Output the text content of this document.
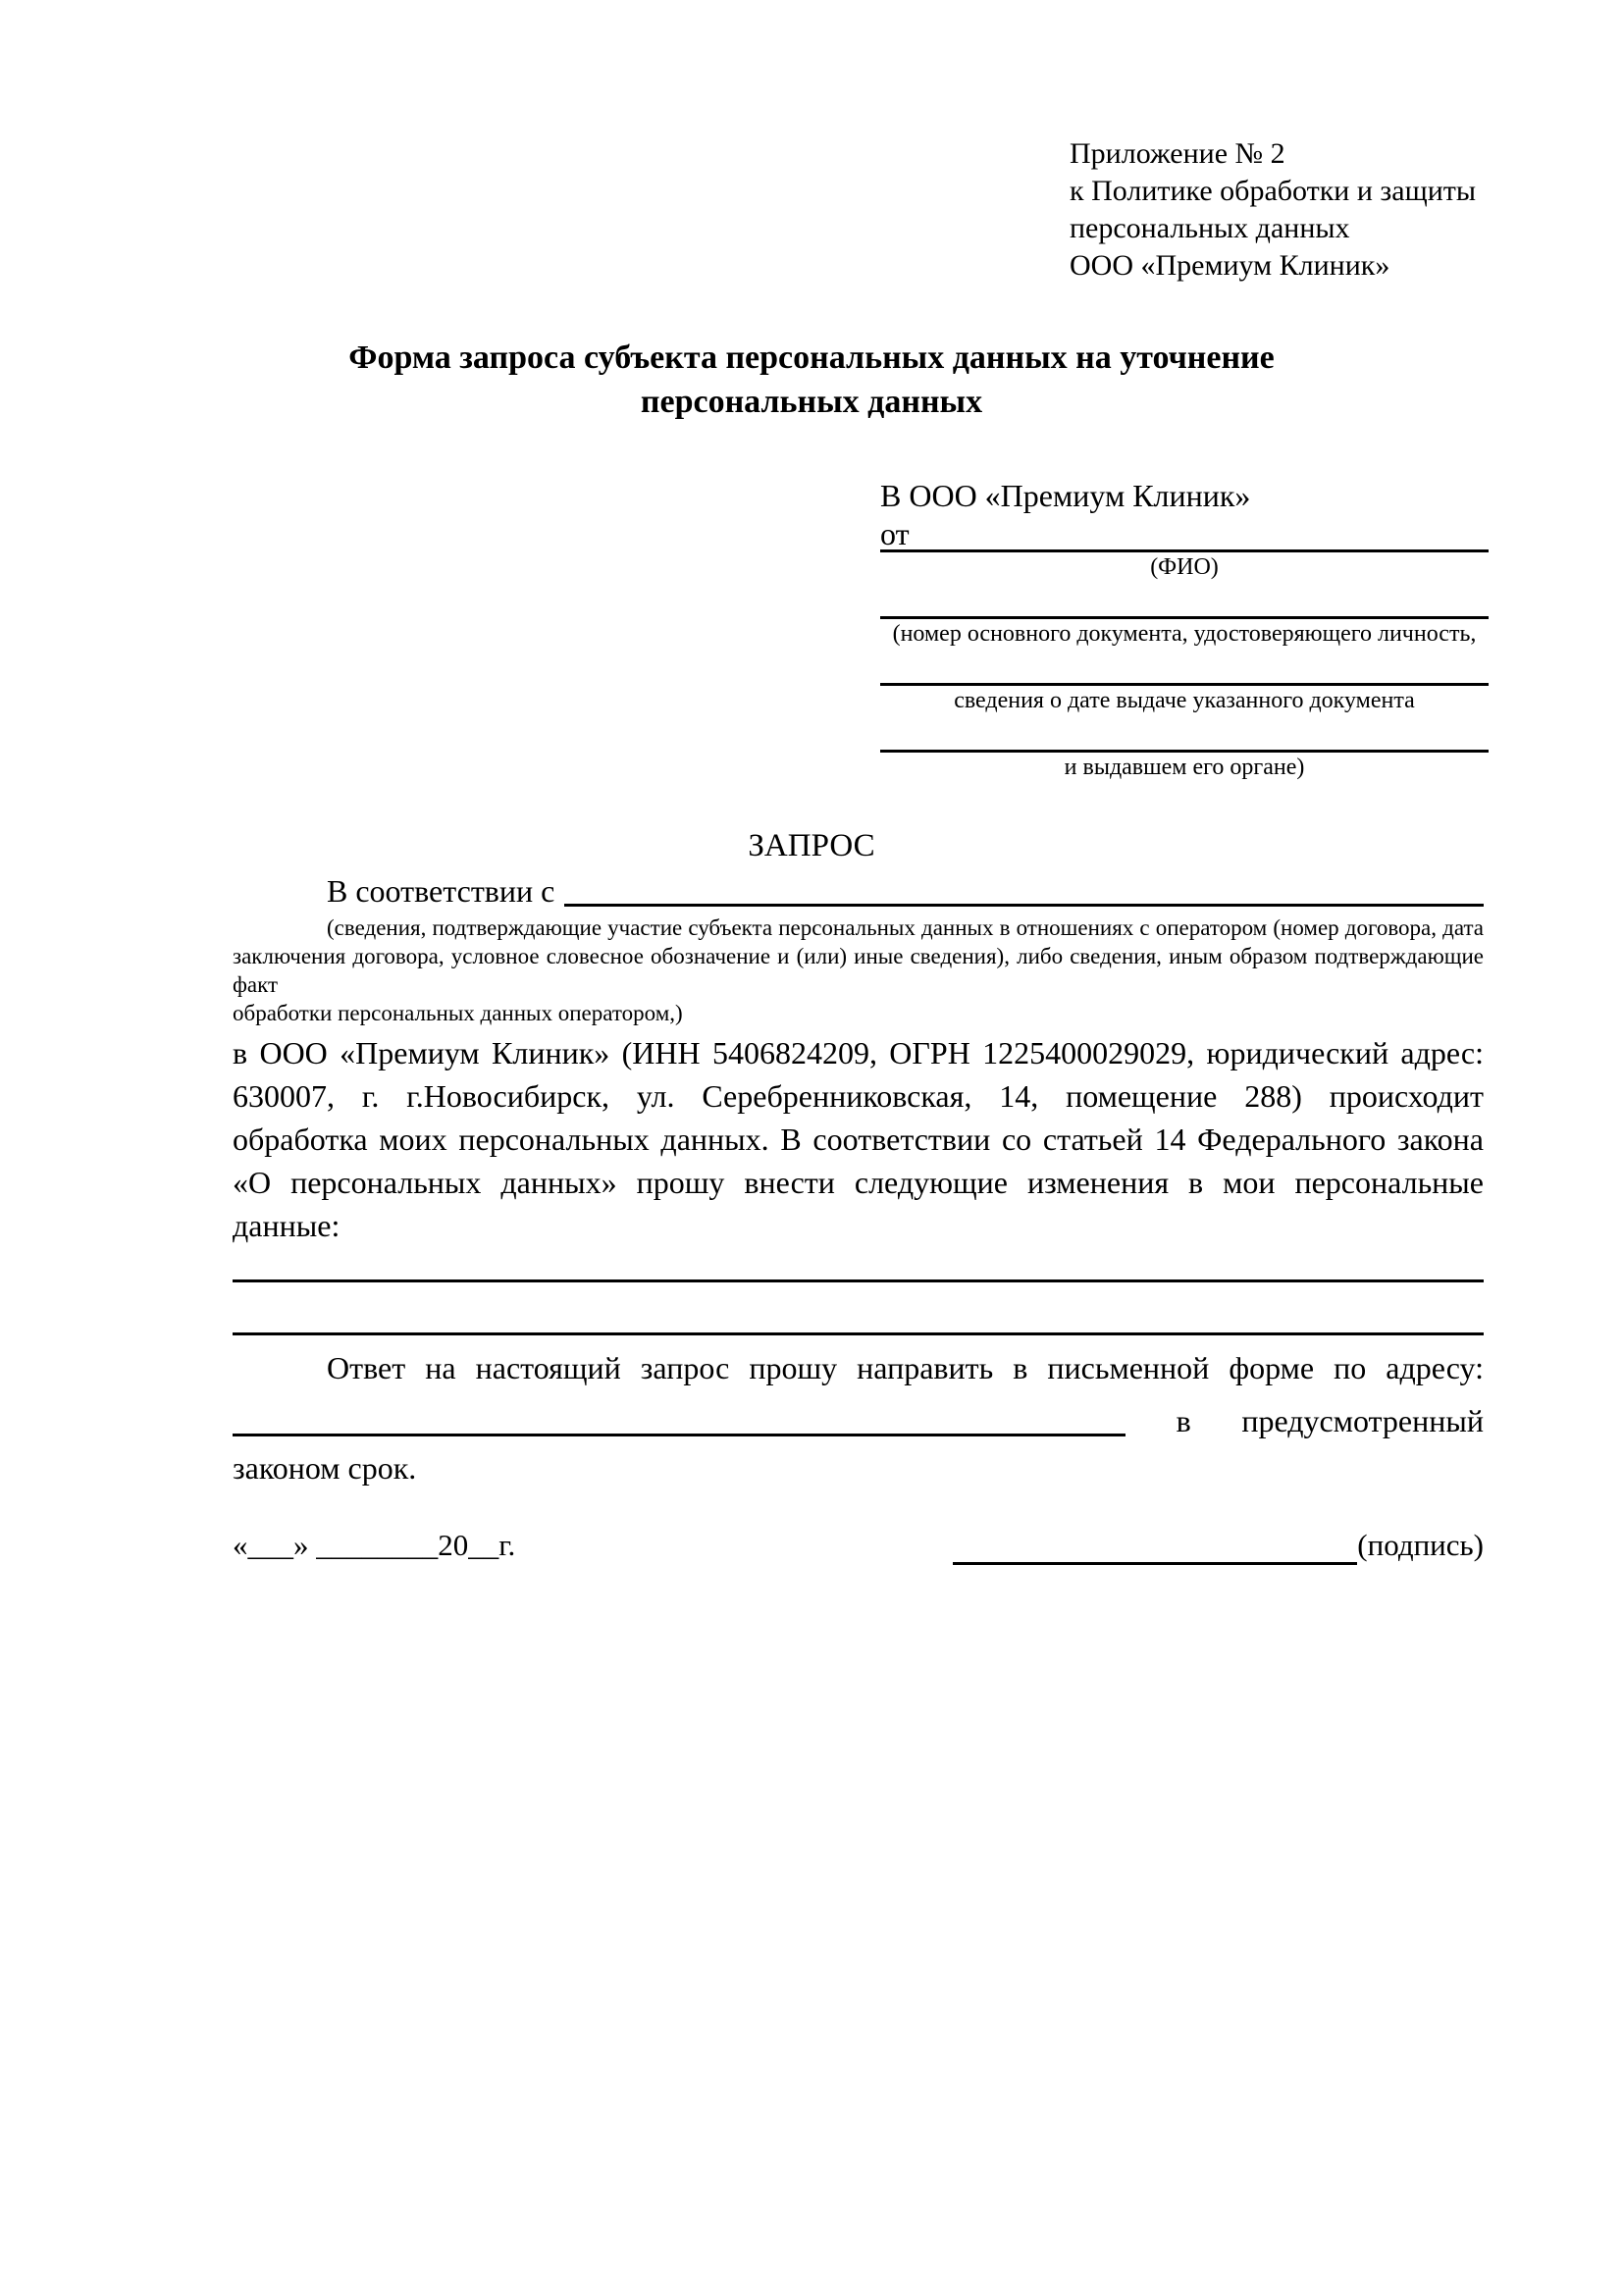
Приложение № 2
к Политике обработки и защиты
персональных данных
ООО «Премиум Клиник»
Форма запроса субъекта персональных данных на уточнение персональных данных
В ООО «Премиум Клиник»
от
(ФИО)
(номер основного документа, удостоверяющего личность,
сведения о дате выдаче указанного документа
и выдавшем его органе)
ЗАПРОС
В соответствии с
(сведения, подтверждающие участие субъекта персональных данных в отношениях с оператором (номер договора, дата
заключения договора, условное словесное обозначение и (или) иные сведения), либо сведения, иным образом подтверждающие факт
обработки персональных данных оператором,)
в ООО «Премиум Клиник» (ИНН 5406824209, ОГРН 1225400029029, юридический адрес:
630007, г. г.Новосибирск, ул. Серебренниковская, 14, помещение 288) происходит
обработка моих персональных данных. В соответствии со статьей 14 Федерального закона
«О персональных данных» прошу внести следующие изменения в мои персональные
данные:
Ответ на настоящий запрос прошу направить в письменной форме по адресу:
в предусмотренный
законом срок.
«___» ________20__г.	(подпись)
